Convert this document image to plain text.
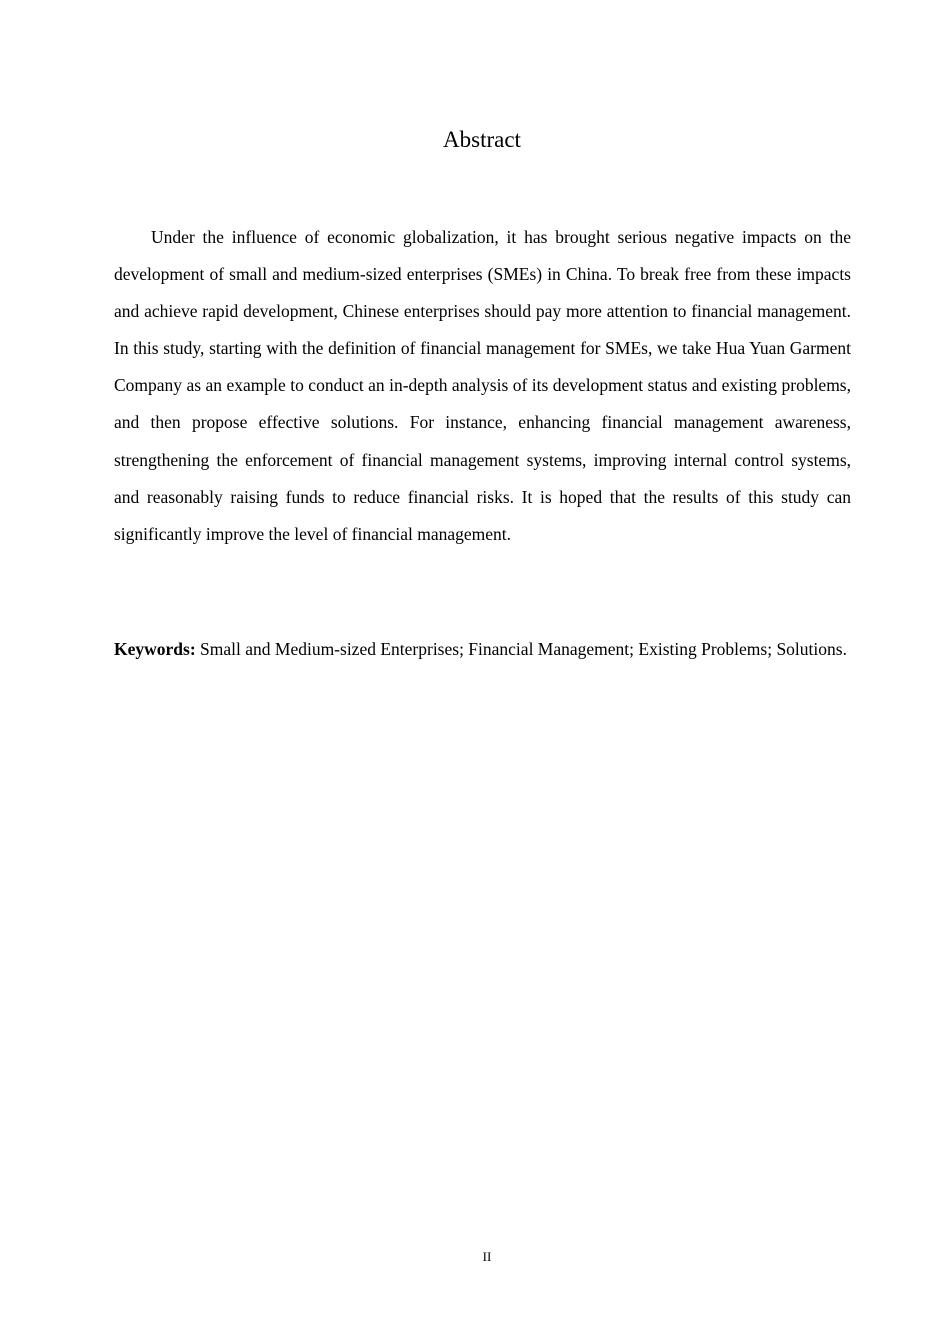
Abstract

Under the influence of economic globalization, it has brought serious negative impacts on the development of small and medium-sized enterprises (SMEs) in China. To break free from these impacts and achieve rapid development, Chinese enterprises should pay more attention to financial management. In this study, starting with the definition of financial management for SMEs, we take Hua Yuan Garment Company as an example to conduct an in-depth analysis of its development status and existing problems, and then propose effective solutions. For instance, enhancing financial management awareness, strengthening the enforcement of financial management systems, improving internal control systems, and reasonably raising funds to reduce financial risks. It is hoped that the results of this study can significantly improve the level of financial management.

Keywords: Small and Medium-sized Enterprises; Financial Management; Existing Problems; Solutions.

II
